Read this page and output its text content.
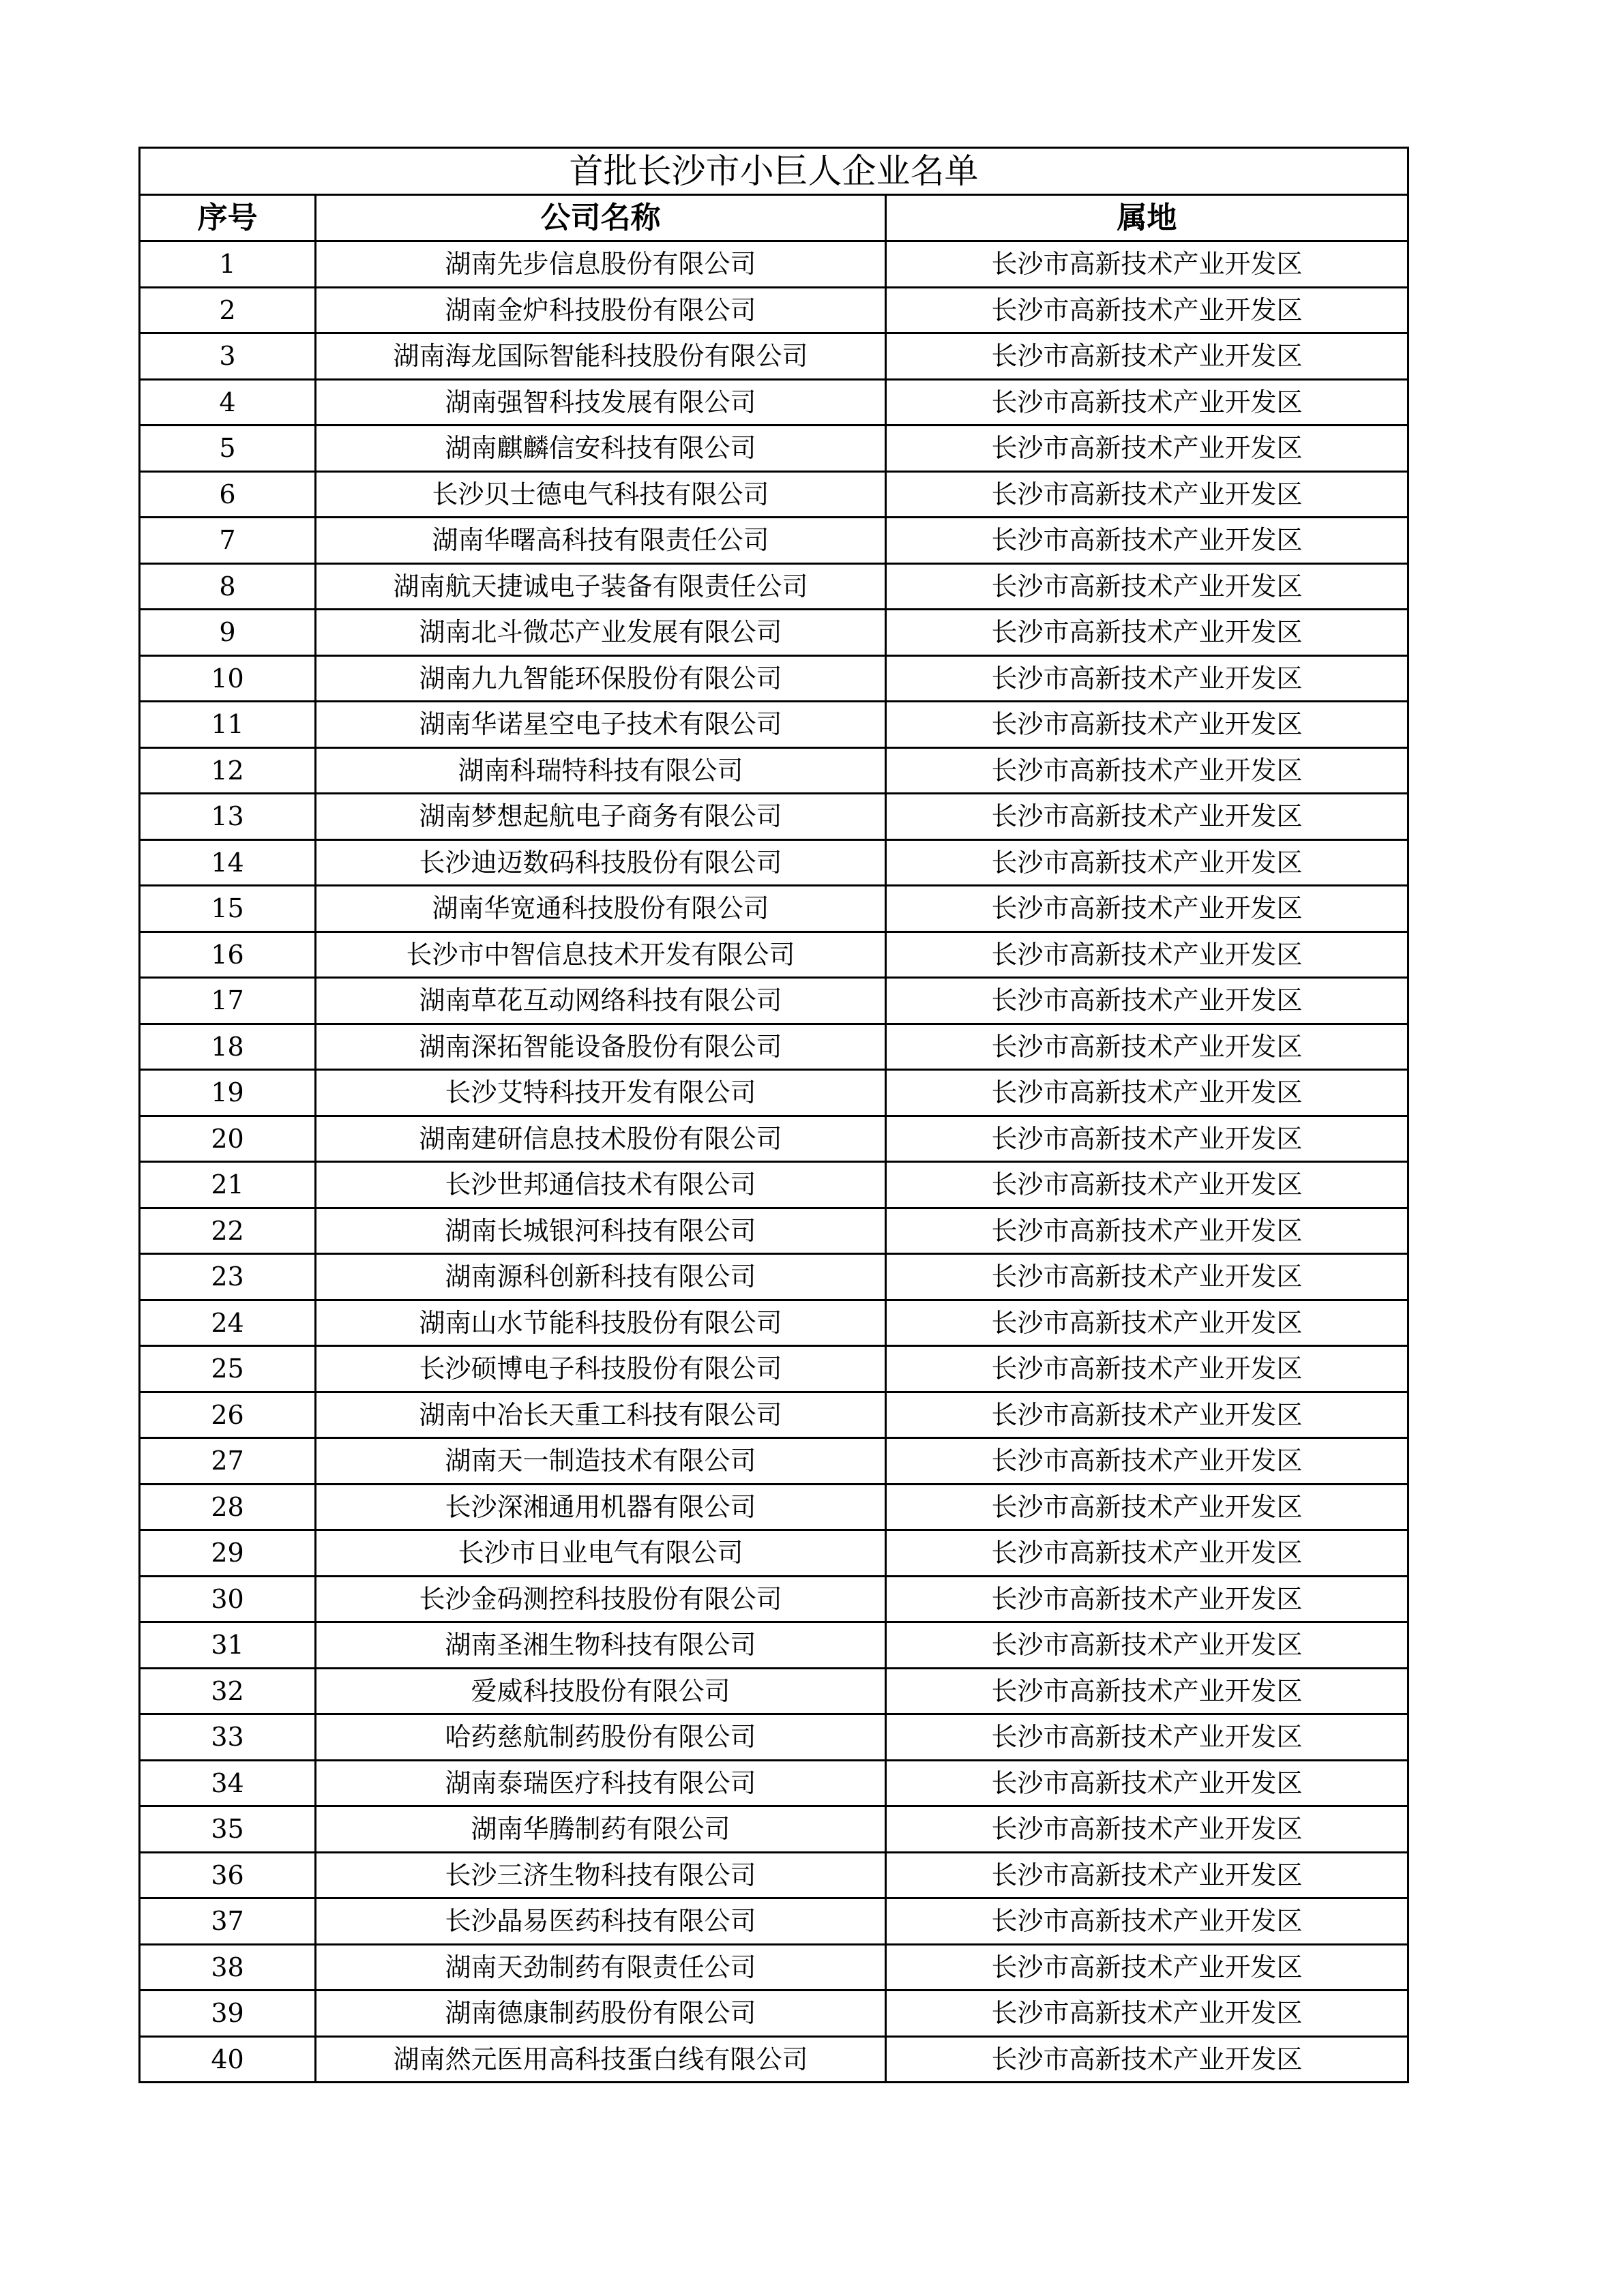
首批长沙市小巨人企业名单		
序号	公司名称	属地
1	湖南先步信息股份有限公司	长沙市高新技术产业开发区
2	湖南金炉科技股份有限公司	长沙市高新技术产业开发区
3	湖南海龙国际智能科技股份有限公司	长沙市高新技术产业开发区
4	湖南强智科技发展有限公司	长沙市高新技术产业开发区
5	湖南麒麟信安科技有限公司	长沙市高新技术产业开发区
6	长沙贝士德电气科技有限公司	长沙市高新技术产业开发区
7	湖南华曙高科技有限责任公司	长沙市高新技术产业开发区
8	湖南航天捷诚电子装备有限责任公司	长沙市高新技术产业开发区
9	湖南北斗微芯产业发展有限公司	长沙市高新技术产业开发区
10	湖南九九智能环保股份有限公司	长沙市高新技术产业开发区
11	湖南华诺星空电子技术有限公司	长沙市高新技术产业开发区
12	湖南科瑞特科技有限公司	长沙市高新技术产业开发区
13	湖南梦想起航电子商务有限公司	长沙市高新技术产业开发区
14	长沙迪迈数码科技股份有限公司	长沙市高新技术产业开发区
15	湖南华宽通科技股份有限公司	长沙市高新技术产业开发区
16	长沙市中智信息技术开发有限公司	长沙市高新技术产业开发区
17	湖南草花互动网络科技有限公司	长沙市高新技术产业开发区
18	湖南深拓智能设备股份有限公司	长沙市高新技术产业开发区
19	长沙艾特科技开发有限公司	长沙市高新技术产业开发区
20	湖南建研信息技术股份有限公司	长沙市高新技术产业开发区
21	长沙世邦通信技术有限公司	长沙市高新技术产业开发区
22	湖南长城银河科技有限公司	长沙市高新技术产业开发区
23	湖南源科创新科技有限公司	长沙市高新技术产业开发区
24	湖南山水节能科技股份有限公司	长沙市高新技术产业开发区
25	长沙硕博电子科技股份有限公司	长沙市高新技术产业开发区
26	湖南中冶长天重工科技有限公司	长沙市高新技术产业开发区
27	湖南天一制造技术有限公司	长沙市高新技术产业开发区
28	长沙深湘通用机器有限公司	长沙市高新技术产业开发区
29	长沙市日业电气有限公司	长沙市高新技术产业开发区
30	长沙金码测控科技股份有限公司	长沙市高新技术产业开发区
31	湖南圣湘生物科技有限公司	长沙市高新技术产业开发区
32	爱威科技股份有限公司	长沙市高新技术产业开发区
33	哈药慈航制药股份有限公司	长沙市高新技术产业开发区
34	湖南泰瑞医疗科技有限公司	长沙市高新技术产业开发区
35	湖南华腾制药有限公司	长沙市高新技术产业开发区
36	长沙三济生物科技有限公司	长沙市高新技术产业开发区
37	长沙晶易医药科技有限公司	长沙市高新技术产业开发区
38	湖南天劲制药有限责任公司	长沙市高新技术产业开发区
39	湖南德康制药股份有限公司	长沙市高新技术产业开发区
40	湖南然元医用高科技蛋白线有限公司	长沙市高新技术产业开发区
